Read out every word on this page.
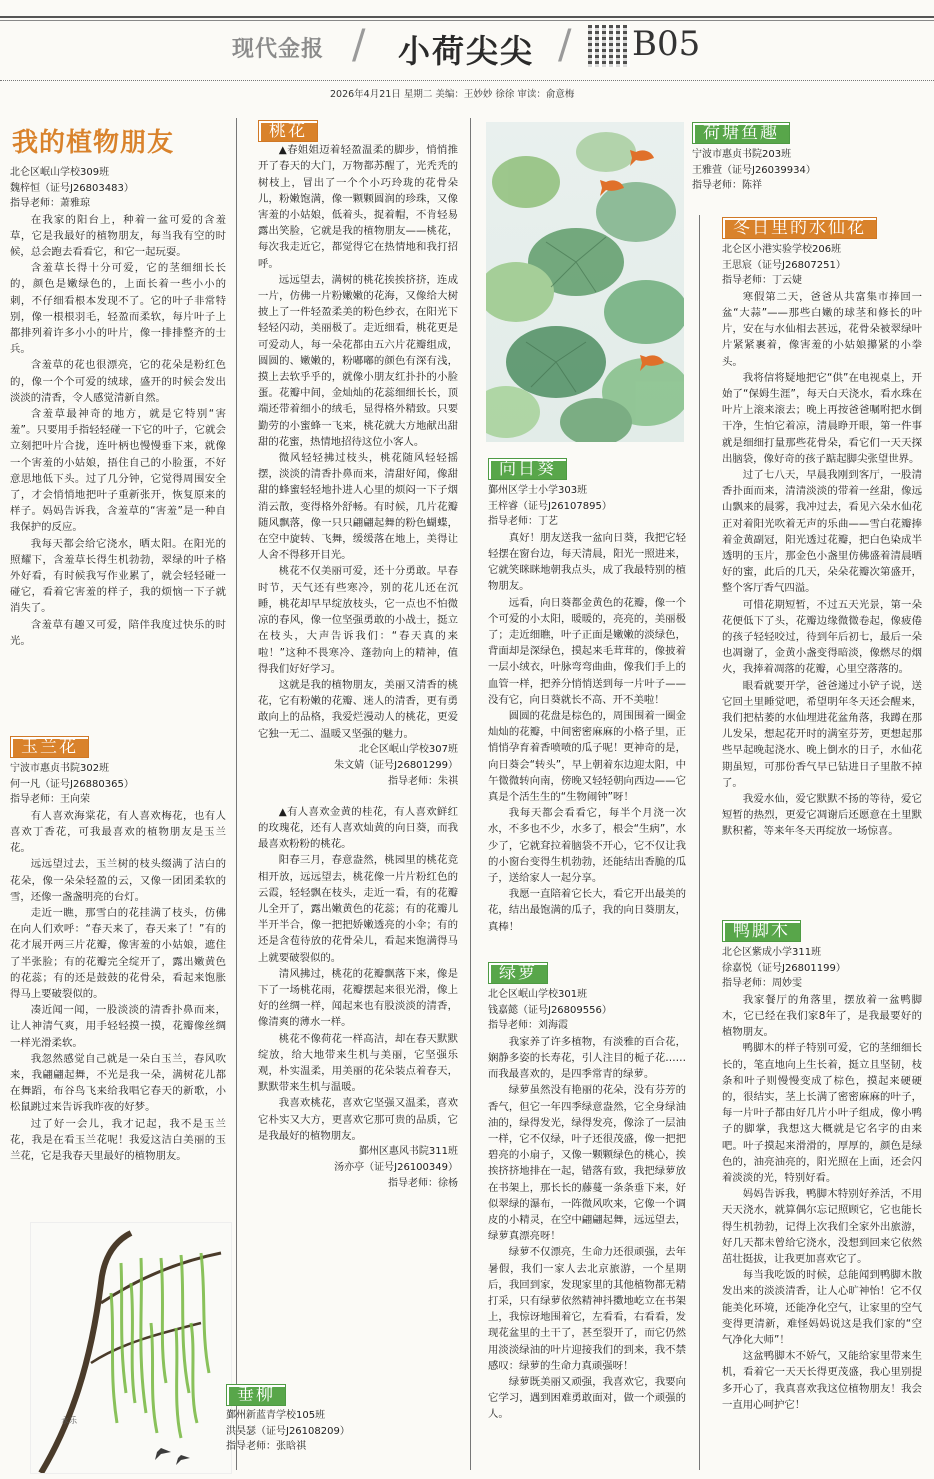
现代金报 / 小荷尖尖 / B05
2026年4月21日 星期二 美编：王妙妙 徐徐 审读：俞意梅
我的植物朋友
北仑区岷山学校309班
魏梓恒（证号J26803483）
指导老师：萧雅琼

在我家的阳台上，种着一盆可爱的含羞草，它是我最好的植物朋友，每当我有空的时候，总会跑去看看它，和它一起玩耍。

含羞草长得十分可爱，它的茎细细长长的，颜色是嫩绿色的，上面长着一些小小的刺，不仔细看根本发现不了。它的叶子非常特别，像一根根羽毛，轻盈而柔软，每片叶子上都排列着许多小小的叶片，像一排排整齐的士兵。

含羞草的花也很漂亮，它的花朵是粉红色的，像一个个可爱的绒球，盛开的时候会发出淡淡的清香，令人感觉清新自然。

含羞草最神奇的地方，就是它特别“害羞”。只要用手指轻轻碰一下它的叶子，它就会立刻把叶片合拢，连叶柄也慢慢垂下来，就像一个害羞的小姑娘，捂住自己的小脸蛋，不好意思地低下头。过了几分钟，它觉得周围安全了，才会悄悄地把叶子重新张开，恢复原来的样子。妈妈告诉我，含羞草的“害羞”是一种自我保护的反应。

我每天都会给它浇水，晒太阳。在阳光的照耀下，含羞草长得生机勃勃，翠绿的叶子格外好看，有时候我写作业累了，就会轻轻碰一碰它，看着它害羞的样子，我的烦恼一下子就消失了。

含羞草有趣又可爱，陪伴我度过快乐的时光。

玉兰花
宁波市惠贞书院302班
何一凡（证号J26880365）
指导老师：王向荣

有人喜欢海棠花，有人喜欢梅花，也有人喜欢丁香花，可我最喜欢的植物朋友是玉兰花。

远远望过去，玉兰树的枝头缀满了洁白的花朵，像一朵朵轻盈的云，又像一团团柔软的雪，还像一盏盏明亮的台灯。

走近一瞧，那雪白的花挂满了枝头，仿佛在向人们欢呼：“春天来了，春天来了！”有的花才展开两三片花瓣，像害羞的小姑娘，遮住了半张脸；有的花瓣完全绽开了，露出嫩黄色的花蕊；有的还是鼓鼓的花骨朵，看起来饱胀得马上要破裂似的。

凑近闻一闻，一股淡淡的清香扑鼻而来，让人神清气爽，用手轻轻摸一摸，花瓣像丝绸一样光滑柔软。

我忽然感觉自己就是一朵白玉兰，春风吹来，我翩翩起舞，不光是我一朵，满树花儿都在舞蹈，布谷鸟飞来给我唱它春天的新歌，小松鼠跳过来告诉我昨夜的好梦。

过了好一会儿，我才记起，我不是玉兰花，我是在看玉兰花呢！我爱这洁白美丽的玉兰花，它是我春天里最好的植物朋友。

永乐
桃花

▲春姐姐迈着轻盈温柔的脚步，悄悄推开了春天的大门，万物都苏醒了，光秃秃的树枝上，冒出了一个个小巧玲珑的花骨朵儿，粉嫩饱满，像一颗颗圆润的珍珠，又像害羞的小姑娘，低着头，捉着帽，不肯轻易露出笑脸，它就是我的植物朋友——桃花，每次我走近它，都觉得它在热情地和我打招呼。

远远望去，满树的桃花挨挨挤挤，连成一片，仿佛一片粉嫩嫩的花海，又像给大树披上了一件轻盈柔美的粉色纱衣，在阳光下轻轻闪动，美丽极了。走近细看，桃花更是可爱动人，每一朵花都由五六片花瓣组成，圆圆的、嫩嫩的，粉嘟嘟的颜色有深有浅，摸上去软乎乎的，就像小朋友红扑扑的小脸蛋。花瓣中间，金灿灿的花蕊细细长长，顶端还带着细小的绒毛，显得格外精致。只要勤劳的小蜜蜂一飞来，桃花就大方地献出甜甜的花蜜，热情地招待这位小客人。

微风轻轻拂过枝头，桃花随风轻轻摇摆，淡淡的清香扑鼻而来，清甜好闻，像甜甜的蜂蜜轻轻地扑进人心里的烦闷一下子烟消云散，变得格外舒畅。有时候，几片花瓣随风飘落，像一只只翩翩起舞的粉色蝴蝶，在空中旋转、飞舞，缓缓落在地上，美得让人舍不得移开目光。

桃花不仅美丽可爱，还十分勇敢。早春时节，天气还有些寒冷，别的花儿还在沉睡，桃花却早早绽放枝头，它一点也不怕微凉的春风，像一位坚强勇敢的小战士，挺立在枝头，大声告诉我们：“春天真的来啦！”这种不畏寒冷、蓬勃向上的精神，值得我们好好学习。

这就是我的植物朋友，美丽又清香的桃花，它有粉嫩的花瓣、迷人的清香，更有勇敢向上的品格，我爱烂漫动人的桃花，更爱它独一无二、温暖又坚强的魅力。

北仑区岷山学校307班
朱文婧（证号J26801299）
指导老师：朱祺

▲有人喜欢金黄的桂花，有人喜欢鲜红的玫瑰花，还有人喜欢灿黄的向日葵，而我最喜欢粉粉的桃花。

阳春三月，春意盎然，桃园里的桃花竞相开放，远远望去，桃花像一片片粉红色的云霞，轻轻飘在枝头，走近一看，有的花瓣儿全开了，露出嫩黄色的花蕊；有的花瓣儿半开半合，像一把把娇嫩透亮的小伞；有的还是含苞待放的花骨朵儿，看起来饱满得马上就要破裂似的。

清风拂过，桃花的花瓣飘落下来，像是下了一场桃花雨，花瓣摆起来很光滑，像上好的丝绸一样，闻起来也有股淡淡的清香，像清爽的薄水一样。

桃花不像荷花一样高洁，却在春天默默绽放，给大地带来生机与美丽，它坚强乐观，朴实温柔，用美丽的花朵装点着春天，默默带来生机与温暖。

我喜欢桃花，喜欢它坚强又温柔，喜欢它朴实又大方，更喜欢它那可贵的品质，它是我最好的植物朋友。

鄞州区惠风书院311班
汤亦亭（证号J26100349）
指导老师：徐杨
垂柳
鄞州新蓝青学校105班
洪昊瑟（证号J26108209）
指导老师：张晗祺
向日葵
鄞州区学士小学303班
王梓睿（证号J26107895）
指导老师：丁艺

真好！朋友送我一盆向日葵，我把它轻轻摆在窗台边，每天清晨，阳光一照进来，它就笑眯眯地朝我点头，成了我最特别的植物朋友。

远看，向日葵都金黄色的花瓣，像一个个可爱的小太阳，暖暖的，亮亮的，美丽极了；走近细瞧，叶子正面是嫩嫩的淡绿色，背面却是深绿色，摸起来毛茸茸的，像披着一层小绒衣，叶脉弯弯曲曲，像我们手上的血管一样，把养分悄悄送到每一片叶子——没有它，向日葵就长不高、开不美啦！

圆圆的花盘是棕色的，周围围着一圈金灿灿的花瓣，中间密密麻麻的小格子里，正悄悄孕育着香喷喷的瓜子呢！更神奇的是，向日葵会“转头”，早上朝着东边迎太阳，中午微微转向南，傍晚又轻轻朝向西边——它真是个活生生的“生物闹钟”呀！

我每天都会看看它，每半个月浇一次水，不多也不少，水多了，根会“生病”，水少了，它就耷拉着脑袋不开心，它不仅让我的小窗台变得生机勃勃，还能结出香脆的瓜子，送给家人一起分享。

我愿一直陪着它长大，看它开出最美的花，结出最饱满的瓜子，我的向日葵朋友，真棒！

绿萝
北仑区岷山学校301班
钱嘉懿（证号J26809556）
指导老师：刘海霞

我家养了许多植物，有淡雅的百合花，娴静多姿的长寿花，引人注目的栀子花……而我最喜欢的，是四季常青的绿萝。

绿萝虽然没有艳丽的花朵，没有芬芳的香气，但它一年四季绿意盎然，它全身绿油油的，绿得发光，绿得发亮，像涂了一层油一样，它不仅绿，叶子还很茂盛，像一把把碧亮的小扇子，又像一颗颗绿色的桃心，挨挨挤挤地排在一起，错落有致，我把绿萝放在书架上，那长长的藤蔓一条条垂下来，好似翠绿的瀑布，一阵微风吹来，它像一个调皮的小精灵，在空中翩翩起舞，远远望去，绿萝真漂亮呀！

绿萝不仅漂亮，生命力还很顽强，去年暑假，我们一家人去北京旅游，一个星期后，我回到家，发现家里的其他植物都无精打采，只有绿萝依然精神抖擞地屹立在书架上，我惊讶地围着它，左看看，右看看，发现花盆里的土干了，甚至裂开了，而它仍然用淡淡绿油的叶片迎接我们的到来，我不禁感叹：绿萝的生命力真顽强呀！

绿萝既美丽又顽强，我喜欢它，我要向它学习，遇到困难勇敢面对，做一个顽强的人。

荷塘鱼趣
宁波市惠贞书院203班
王雅萱（证号J26039934）
指导老师：陈祥
冬日里的水仙花
北仑区小港实验学校206班
王思宸（证号J26807251）
指导老师：丁云婕

寒假第二天，爸爸从共富集市捧回一盆“大蒜”——那些白嫩的球茎和修长的叶片，安在与水仙相去甚远，花骨朵被翠绿叶片紧紧裹着，像害羞的小姑娘攥紧的小拳头。

我将信将疑地把它“供”在电视桌上，开始了“保姆生涯”，每天白天浇水，看水珠在叶片上滚来滚去；晚上再按爸爸嘱咐把水倒干净，生怕它着凉，清晨睁开眼，第一件事就是细细打量那些花骨朵，看它们一天天探出脑袋，像好奇的孩子踮起脚尖张望世界。

过了七八天，早晨我刚到客厅，一股清香扑面而来，清清淡淡的带着一丝甜，像远山飘来的晨雾，我冲过去，看见六朵水仙花正对着阳光吹着无声的乐曲——雪白花瓣捧着金黄副冠，阳光透过花瓣，把白色染成半透明的玉片，那金色小盏里仿佛盛着清晨晒好的蜜，此后的几天，朵朵花瓣次第盛开，整个客厅香气四溢。

可惜花期短暂，不过五天光景，第一朵花便低下了头，花瓣边缘微微卷起，像疲倦的孩子轻轻咬过，待到年后初七，最后一朵也凋谢了，金黄小盏变得暗淡，像燃尽的烟火，我捧着凋落的花瓣，心里空落落的。

眼看就要开学，爸爸递过小铲子说，送它回土里睡觉吧，希望明年冬天还会醒来，我们把枯萎的水仙埋进花盆角落，我蹲在那儿发呆，想起花开时的满室芬芳，更想起那些早起晚起浇水、晚上倒水的日子，水仙花期虽短，可那份香气早已钻进日子里散不掉了。

我爱水仙，爱它默默不扬的等待，爱它短暂的热烈，更爱它凋谢后还愿意在土里默默积蓄，等来年冬天再绽放一场惊喜。

鸭脚木
北仑区紫成小学311班
徐嘉悦（证号J26801199）
指导老师：周妙雯

我家餐厅的角落里，摆放着一盆鸭脚木，它已经在我们家8年了，是我最要好的植物朋友。

鸭脚木的样子特别可爱，它的茎细细长长的，笔直地向上生长着，挺立且坚韧，枝条和叶子则慢慢变成了棕色，摸起来硬硬的，很结实，茎上长满了密密麻麻的叶子，每一片叶子都由好几片小叶子组成，像小鸭子的脚掌，我想这大概就是它名字的由来吧。叶子摸起来滑滑的，厚厚的，颜色是绿色的，油亮油亮的，阳光照在上面，还会闪着淡淡的光，特别好看。

妈妈告诉我，鸭脚木特别好养活，不用天天浇水，就算偶尔忘记照顾它，它也能长得生机勃勃，记得上次我们全家外出旅游，好几天都未曾给它浇水，没想到回来它依然茁壮挺拔，让我更加喜欢它了。

每当我吃饭的时候，总能闻到鸭脚木散发出来的淡淡清香，让人心旷神怡！它不仅能美化环境，还能净化空气，让家里的空气变得更清新，难怪妈妈说这是我们家的“空气净化大师”！

这盆鸭脚木不娇气，又能给家里带来生机，看着它一天天长得更茂盛，我心里别提多开心了，我真喜欢我这位植物朋友！我会一直用心呵护它！
